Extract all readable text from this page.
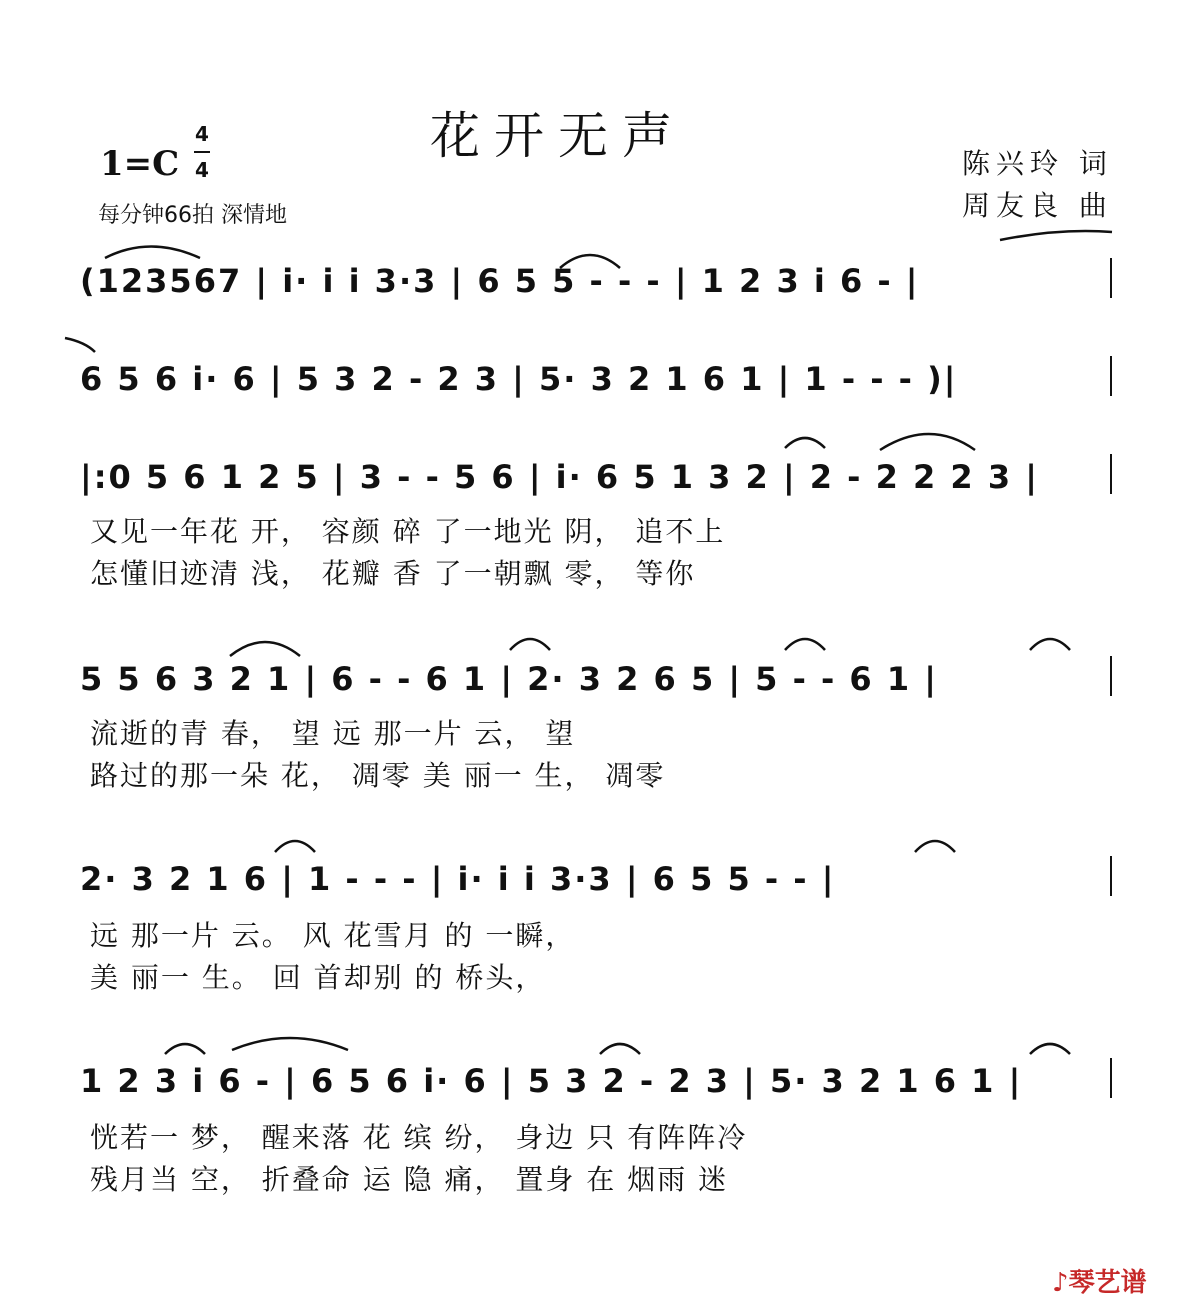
花开无声
1=C
4
4
每分钟66拍 深情地
陈兴玲 词
周友良 曲
(123567 | i· i i 3·3 | 6 5 5 - - - | 1 2 3 i 6 - |
6 5 6 i· 6 | 5 3 2 - 2 3 | 5· 3 2 1 6 1 | 1 - - - )|
|:0 5 6 1 2 5 | 3 - - 5 6 | i· 6 5 1 3 2 | 2 - 2 2 2 3 |
又见一年花 开， 容颜 碎 了一地光 阴， 追不上
怎懂旧迹清 浅， 花瓣 香 了一朝飘 零， 等你
5 5 6 3 2 1 | 6 - - 6 1 | 2· 3 2 6 5 | 5 - - 6 1 |
流逝的青 春， 望 远 那一片 云， 望
路过的那一朵 花， 凋零 美 丽一 生， 凋零
2· 3 2 1 6 | 1 - - - | i· i i 3·3 | 6 5 5 - - |
远 那一片 云。 风 花雪月 的 一瞬，
美 丽一 生。 回 首却别 的 桥头，
1 2 3 i 6 - | 6 5 6 i· 6 | 5 3 2 - 2 3 | 5· 3 2 1 6 1 |
恍若一 梦， 醒来落 花 缤 纷， 身边 只 有阵阵冷
残月当 空， 折叠命 运 隐 痛， 置身 在 烟雨 迷
♪琴艺谱
